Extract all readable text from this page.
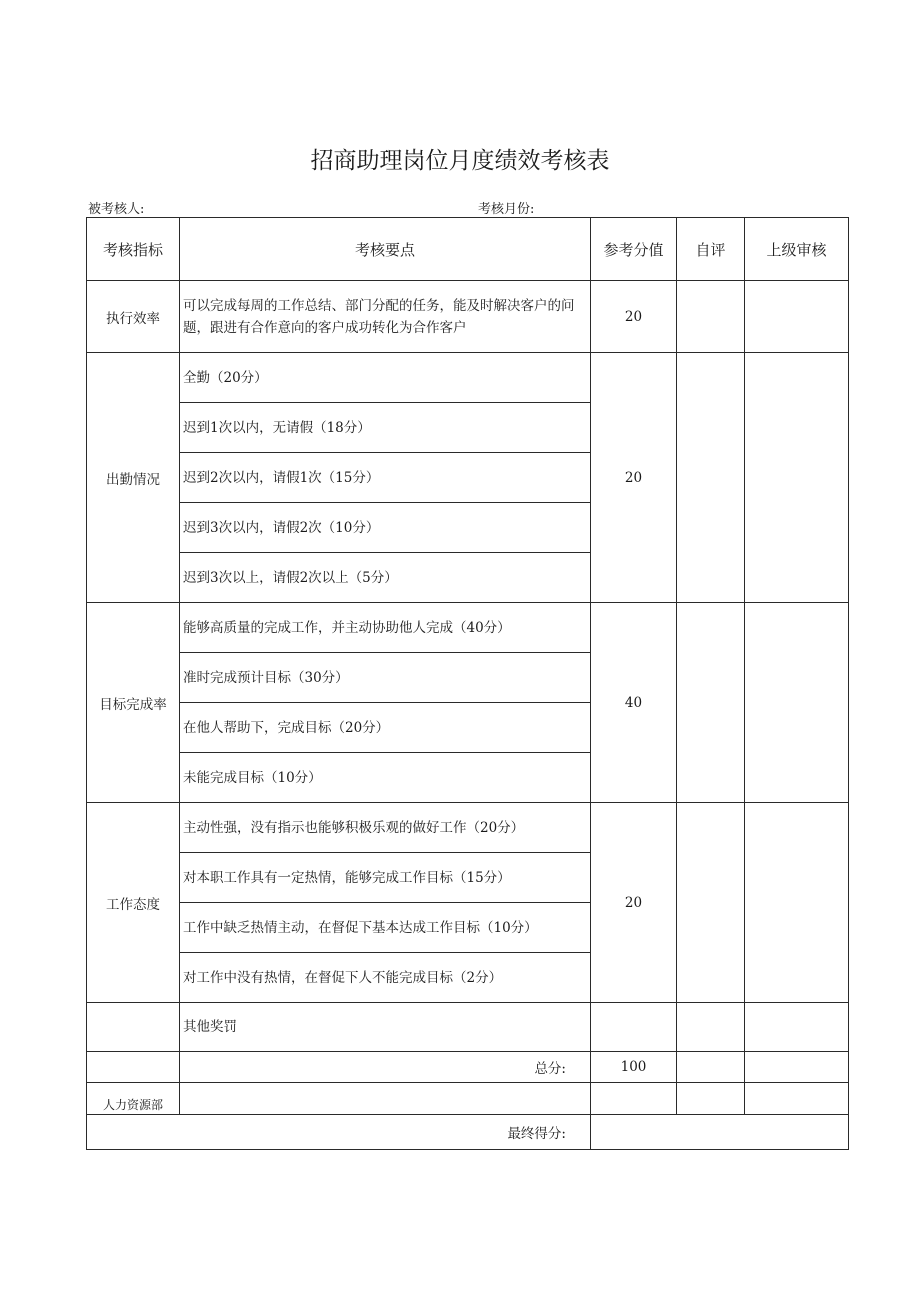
招商助理岗位月度绩效考核表
被考核人:	考核月份:
考核指标	考核要点	参考分值	自评	上级审核
执行效率	可以完成每周的工作总结、部门分配的任务，能及时解决客户的问题，跟进有合作意向的客户成功转化为合作客户	20		
出勤情况	全勤（20分）	20		
	迟到1次以内，无请假（18分）			
	迟到2次以内，请假1次（15分）			
	迟到3次以内，请假2次（10分）			
	迟到3次以上，请假2次以上（5分）			
目标完成率	能够高质量的完成工作，并主动协助他人完成（40分）	40		
	准时完成预计目标（30分）			
	在他人帮助下，完成目标（20分）			
	未能完成目标（10分）			
工作态度	主动性强，没有指示也能够积极乐观的做好工作（20分）	20		
	对本职工作具有一定热情，能够完成工作目标（15分）			
	工作中缺乏热情主动，在督促下基本达成工作目标（10分）			
	对工作中没有热情，在督促下人不能完成目标（2分）			
	其他奖罚			
	总分:	100		
人力资源部				
最终得分:				
